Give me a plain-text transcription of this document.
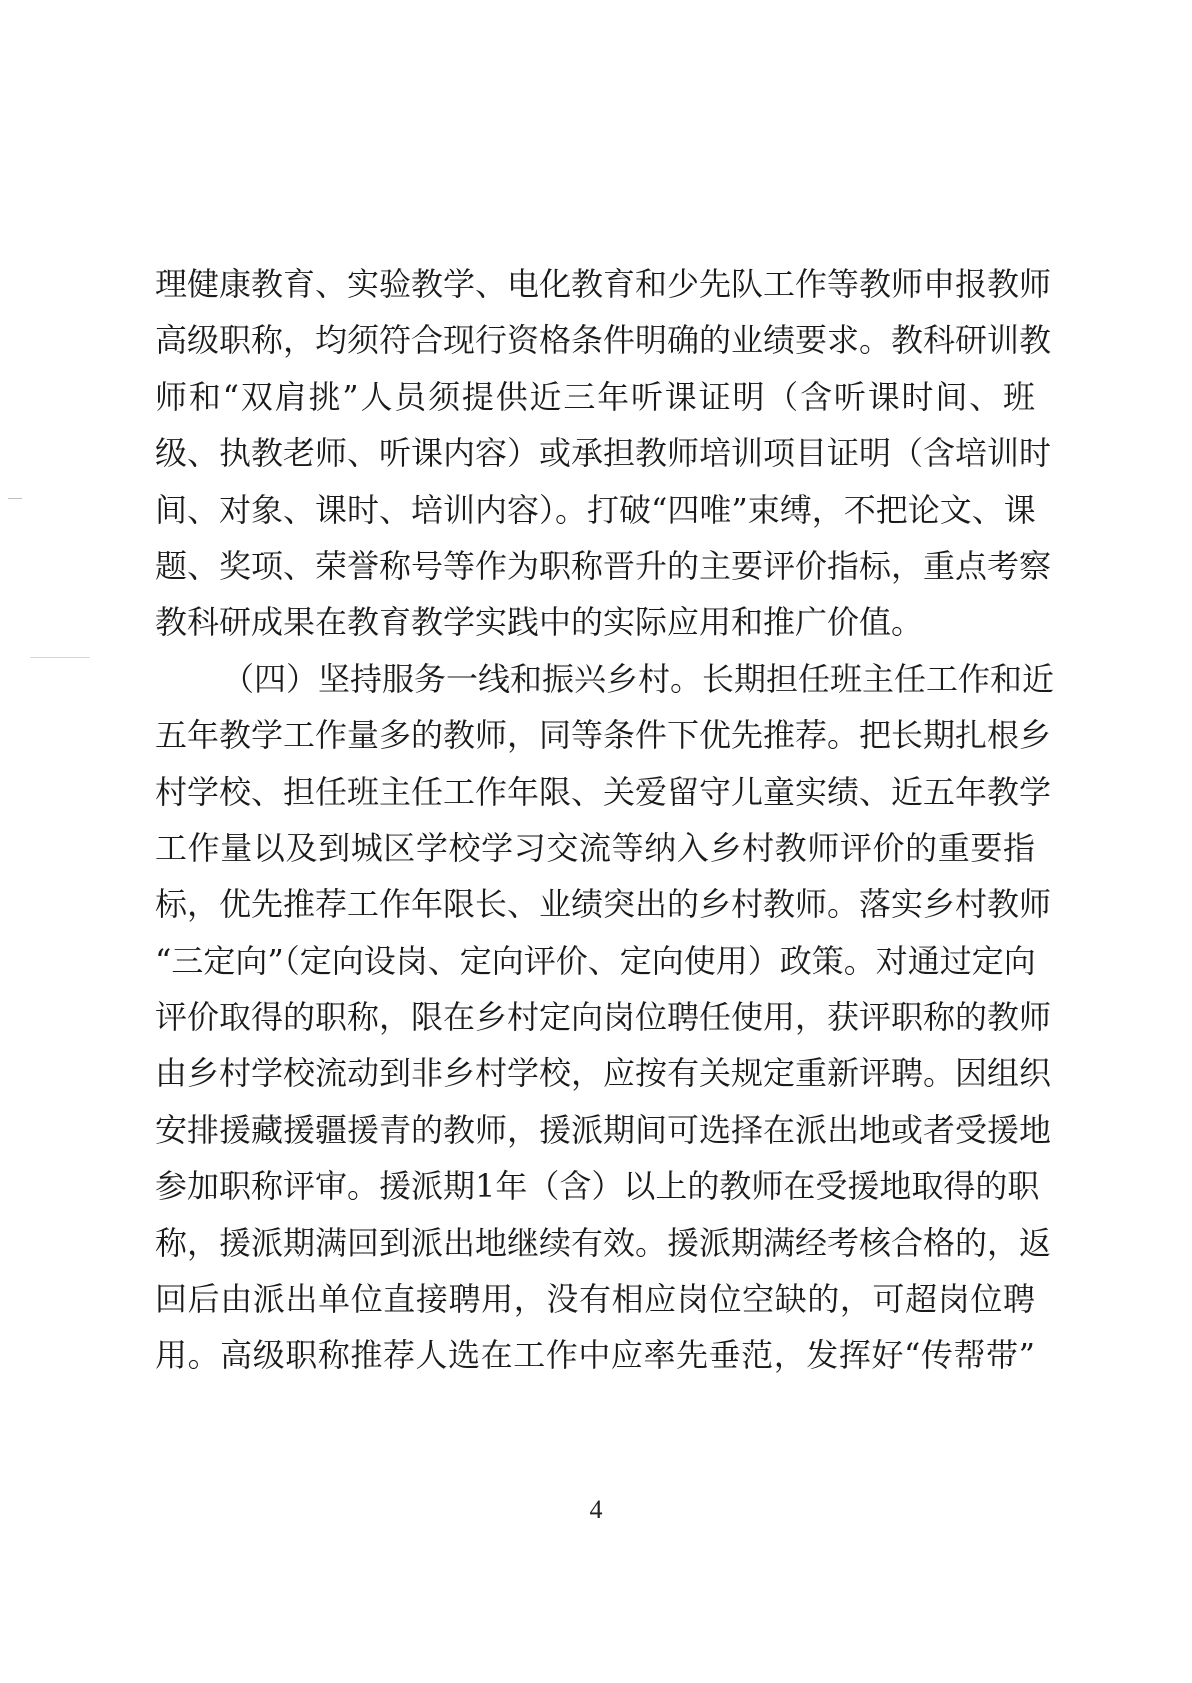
理健康教育、实验教学、电化教育和少先队工作等教师申报教师
高级职称，均须符合现行资格条件明确的业绩要求。教科研训教
师和“双肩挑”人员须提供近三年听课证明（含听课时间、班
级、执教老师、听课内容）或承担教师培训项目证明（含培训时
间、对象、课时、培训内容）。打破“四唯”束缚，不把论文、课
题、奖项、荣誉称号等作为职称晋升的主要评价指标，重点考察
教科研成果在教育教学实践中的实际应用和推广价值。
（四）坚持服务一线和振兴乡村。长期担任班主任工作和近
五年教学工作量多的教师，同等条件下优先推荐。把长期扎根乡
村学校、担任班主任工作年限、关爱留守儿童实绩、近五年教学
工作量以及到城区学校学习交流等纳入乡村教师评价的重要指
标，优先推荐工作年限长、业绩突出的乡村教师。落实乡村教师
“三定向”（定向设岗、定向评价、定向使用）政策。对通过定向
评价取得的职称，限在乡村定向岗位聘任使用，获评职称的教师
由乡村学校流动到非乡村学校，应按有关规定重新评聘。因组织
安排援藏援疆援青的教师，援派期间可选择在派出地或者受援地
参加职称评审。援派期1年（含）以上的教师在受援地取得的职
称，援派期满回到派出地继续有效。援派期满经考核合格的，返
回后由派出单位直接聘用，没有相应岗位空缺的，可超岗位聘
用。高级职称推荐人选在工作中应率先垂范，发挥好“传帮带”
4
